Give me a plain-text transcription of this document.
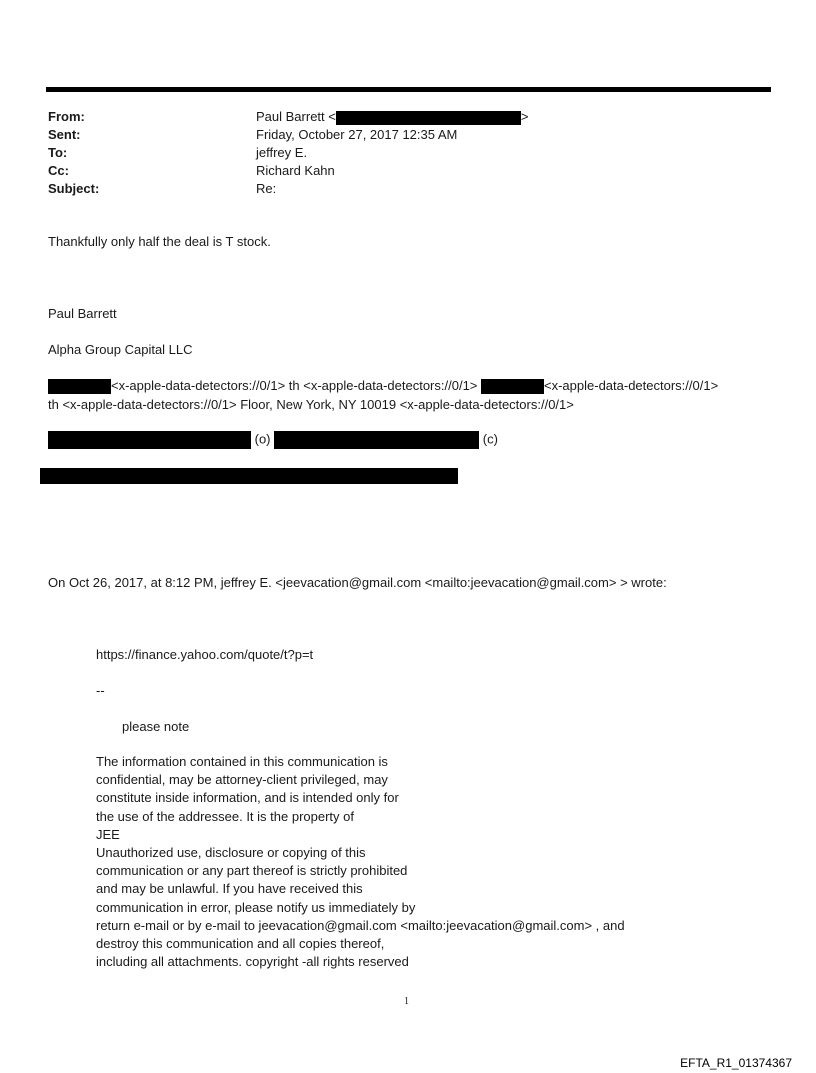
From:	Paul Barrett <	>
Sent:	Friday, October 27, 2017 12:35 AM
To:	jeffrey E.
Cc:	Richard Kahn
Subject:	Re:
Thankfully only half the deal is T stock.
Paul Barrett
Alpha Group Capital LLC
<x-apple-data-detectors://0/1> th <x-apple-data-detectors://0/1>	<x-apple-data-detectors://0/1>
th <x-apple-data-detectors://0/1> Floor, New York, NY 10019 <x-apple-data-detectors://0/1>
(o)	(c)
On Oct 26, 2017, at 8:12 PM, jeffrey E. <jeevacation@gmail.com <mailto:jeevacation@gmail.com> > wrote:
https://finance.yahoo.com/quote/t?p=t
--
please note
The information contained in this communication is
confidential, may be attorney-client privileged, may
constitute inside information, and is intended only for
the use of the addressee. It is the property of
JEE
Unauthorized use, disclosure or copying of this
communication or any part thereof is strictly prohibited
and may be unlawful. If you have received this
communication in error, please notify us immediately by
return e-mail or by e-mail to jeevacation@gmail.com <mailto:jeevacation@gmail.com> , and
destroy this communication and all copies thereof,
including all attachments. copyright -all rights reserved
1
EFTA_R1_01374367
